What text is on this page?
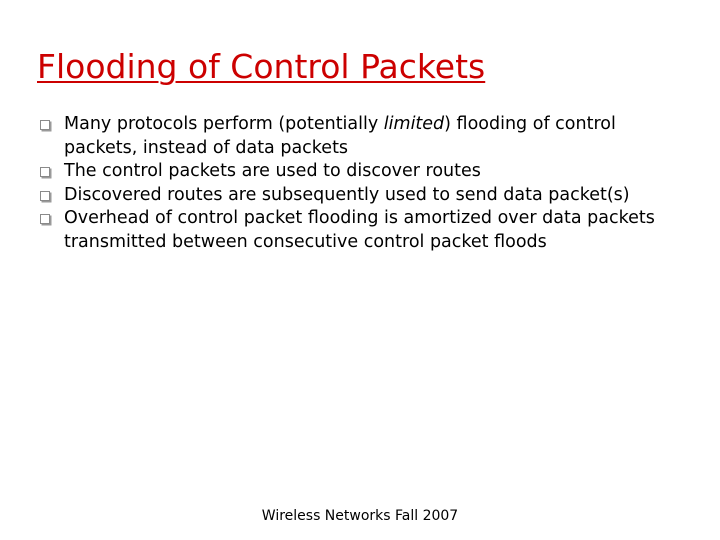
Flooding of Control Packets
Many protocols perform (potentially limited) flooding of control packets, instead of data packets
The control packets are used to discover routes
Discovered routes are subsequently used to send data packet(s)
Overhead of control packet flooding is amortized over data packets transmitted between consecutive control packet floods
Wireless Networks Fall 2007
